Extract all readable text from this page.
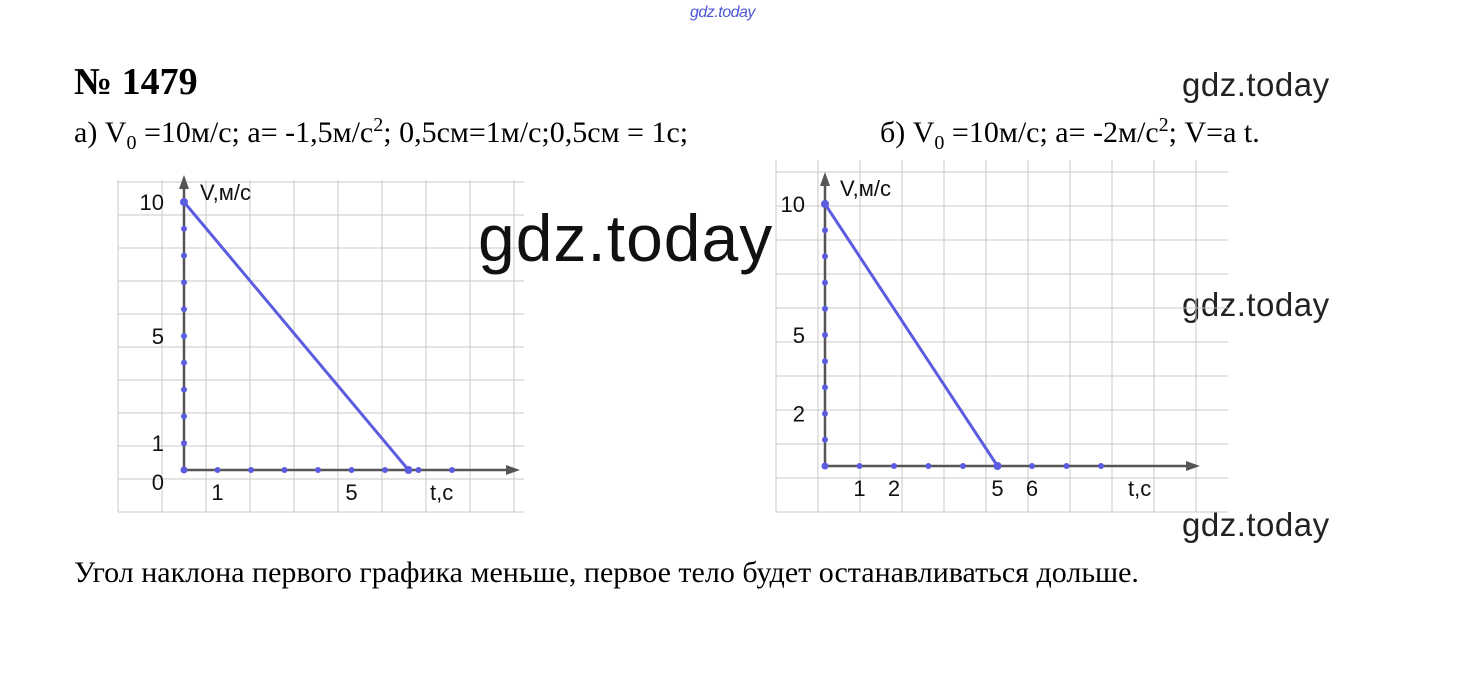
gdz.today
№ 1479
а) $V_0 =10м/с$; $а= -1,5м/с^2$; 0,5см=1м/с;0,5см = 1с;	б) $V_0 =10м/с$; $а= -2м/с^2$; V=a t.
gdz.today
gdz.today
gdz.today
1	5
10
5
1
0
V,м/с
t,c	1 2	5 6
10
5
2
V,м/с
t,c
gdz.today
Угол наклона первого графика меньше, первое тело будет останавливаться дольше.
